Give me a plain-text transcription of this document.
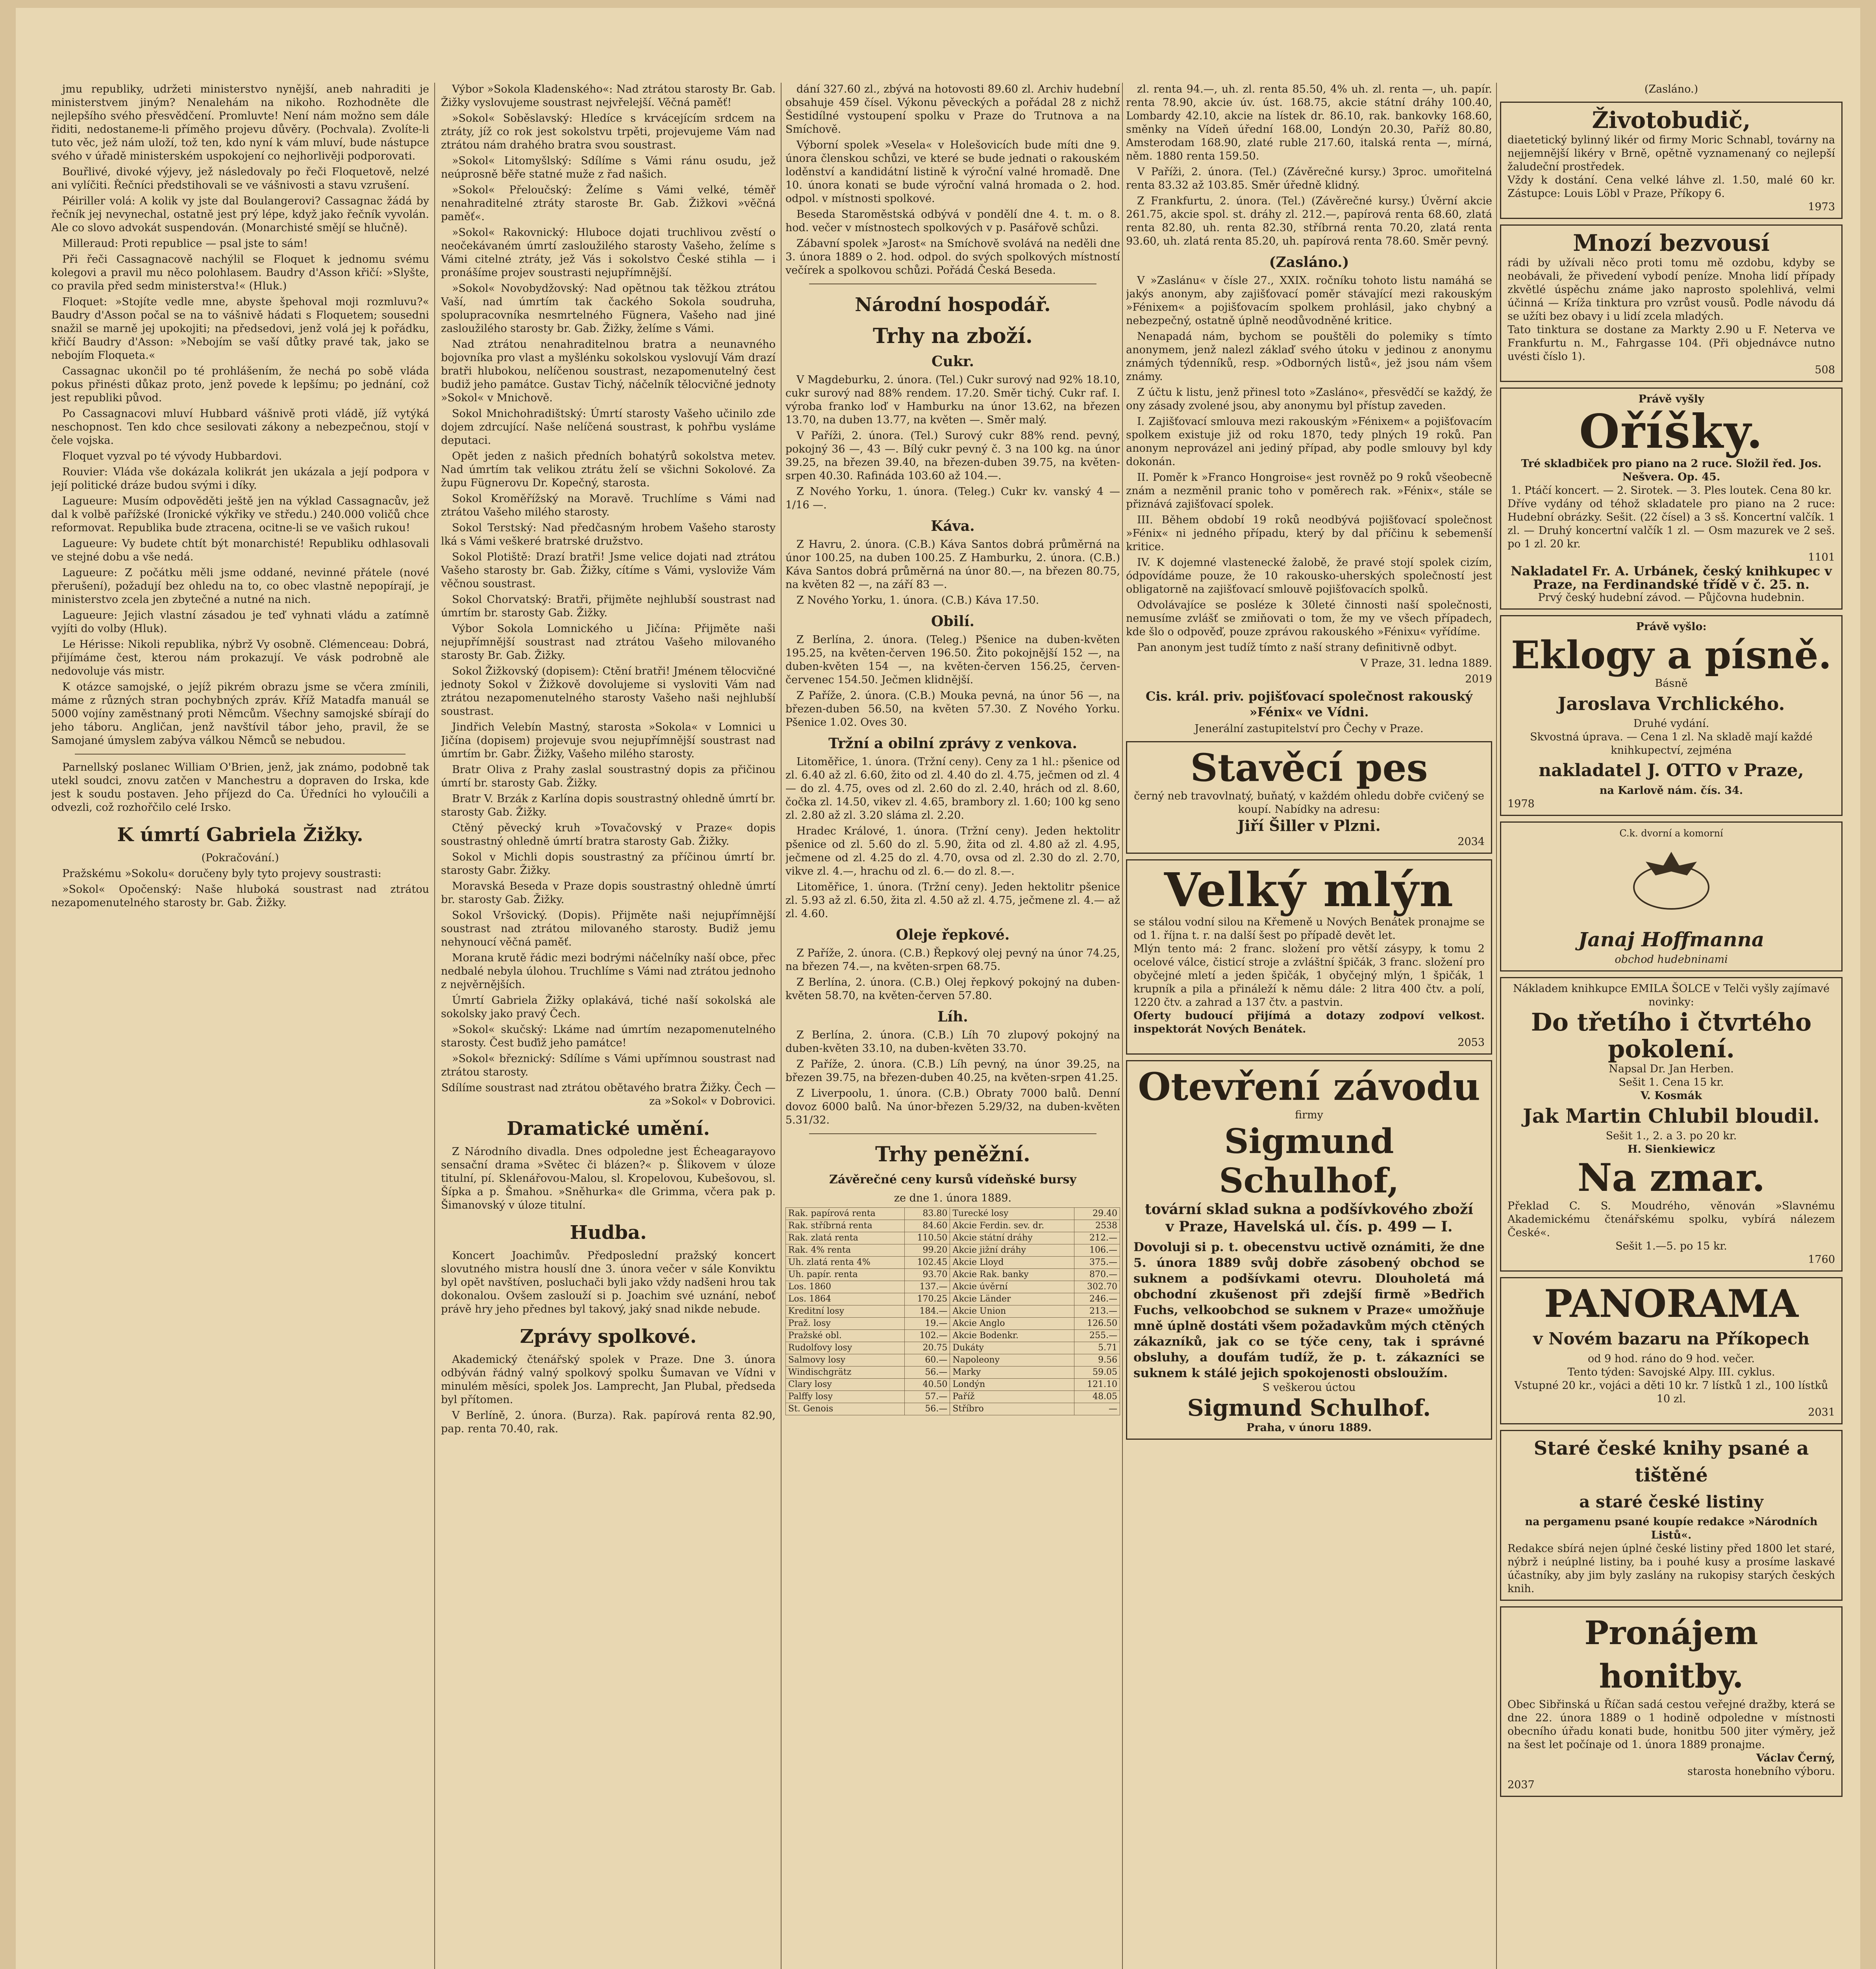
jmu republiky, udržeti ministerstvo nynější, aneb nahraditi je ministerstvem jiným? Nenalehám na nikoho. Rozhodněte dle nejlepšího svého přesvědčení. Promluvte! Není nám možno sem dále řiditi, nedostaneme-li příměho projevu důvěry. (Pochvala). Zvolíte-li tuto věc, jež nám uloží, tož ten, kdo nyní k vám mluví, bude nástupce svého v úřadě ministerském uspokojení co nejhorlivěji podporovati.

Bouřlivé, divoké výjevy, jež následovaly po řeči Floquetově, nelzé ani vylíčiti. Řečníci předstihovali se ve vášnivosti a stavu vzrušení.

Péiriller volá: A kolik vy jste dal Boulangerovi? Cassagnac žádá by řečník jej nevynechal, ostatně jest prý lépe, když jako řečník vyvolán. Ale co slovo advokát suspendován. (Monarchisté smějí se hlučně).

Milleraud: Proti republice — psal jste to sám!

Při řeči Cassagnacově nachýlil se Floquet k jednomu svému kolegovi a pravil mu něco polohlasem. Baudry d'Asson křičí: »Slyšte, co pravila před sedm ministerstva!« (Hluk.)

Floquet: »Stojíte vedle mne, abyste špehoval moji rozmluvu?« Baudry d'Asson počal se na to vášnivě hádati s Floquetem; sousedni snažil se marně jej upokojiti; na předsedovi, jenž volá jej k pořádku, křičí Baudry d'Asson: »Nebojím se vaší důtky pravé tak, jako se nebojím Floqueta.«

Cassagnac ukončil po té prohlášením, že nechá po sobě vláda pokus přinésti důkaz proto, jenž povede k lepšímu; po jednání, což jest republiki původ.

Po Cassagnacovi mluví Hubbard vášnivě proti vládě, jíž vytýká neschopnost. Ten kdo chce sesilovati zákony a nebezpečnou, stojí v čele vojska.

Floquet vyzval po té vývody Hubbardovi.

Rouvier: Vláda vše dokázala kolikrát jen ukázala a její podpora v její politické dráze budou svými i díky.

Lagueure: Musím odpověděti ještě jen na výklad Cassagnacův, jež dal k volbě pařížské (Ironické výkřiky ve středu.) 240.000 voličů chce reformovat. Republika bude ztracena, ocitne-li se ve vašich rukou!

Lagueure: Vy budete chtít být monarchisté! Republiku odhlasovali ve stejné dobu a vše nedá.

Lagueure: Z počátku měli jsme oddané, nevinné přátele (nové přerušení), požadují bez ohledu na to, co obec vlastně nepopírají, je ministerstvo zcela jen zbytečné a nutné na nich.

Lagueure: Jejich vlastní zásadou je teď vyhnati vládu a zatímně vyjíti do volby (Hluk).

Le Hérisse: Nikoli republika, nýbrž Vy osobně. Clémenceau: Dobrá, přijímáme čest, kterou nám prokazují. Ve vásk podrobně ale nedovoluje vás mistr.

K otázce samojské, o jejíž pikrém obrazu jsme se včera zmínili, máme z různých stran pochybných zpráv. Kříž Matadfa manuál se 5000 vojíny zaměstnaný proti Němcům. Všechny samojské sbírají do jeho táboru. Angličan, jenž navštívil tábor jeho, pravil, že se Samojané úmyslem zabýva válkou Němců se nebudou.

Parnellský poslanec William O'Brien, jenž, jak známo, podobně tak utekl soudci, znovu zatčen v Manchestru a dopraven do Irska, kde jest k soudu postaven. Jeho příjezd do Ca. Úředníci ho vyloučili a odvezli, což rozhořčilo celé Irsko.

K úmrtí Gabriela Žižky.

(Pokračování.)

Pražskému »Sokolu« doručeny byly tyto projevy soustrasti:

»Sokol« Opočenský: Naše hluboká soustrast nad ztrátou nezapomenutelného starosty br. Gab. Žižky.

Výbor »Sokola Kladenského«: Nad ztrátou starosty Br. Gab. Žižky vyslovujeme soustrast nejvřelejší. Věčná paměť!

»Sokol« Soběslavský: Hledíce s krvácejícím srdcem na ztráty, jíž co rok jest sokolstvu trpěti, projevujeme Vám nad ztrátou nám drahého bratra svou soustrast.

»Sokol« Litomyšlský: Sdílíme s Vámi ránu osudu, jež neúprosně běře statné muže z řad našich.

»Sokol« Přeloučský: Želíme s Vámi velké, téměř nenahraditelné ztráty staroste Br. Gab. Žižkovi »věčná paměť«.

»Sokol« Rakovnický: Hluboce dojati truchlivou zvěstí o neočekávaném úmrtí zasloužilého starosty Vašeho, želíme s Vámi citelné ztráty, jež Vás i sokolstvo České stihla — i pronášíme projev soustrasti nejupřímnější.

»Sokol« Novobydžovský: Nad opětnou tak těžkou ztrátou Vaší, nad úmrtím tak čackého Sokola soudruha, spolupracovníka nesmrtelného Fügnera, Vašeho nad jiné zasloužilého starosty br. Gab. Žižky, želíme s Vámi.

Nad ztrátou nenahraditelnou bratra a neunavného bojovníka pro vlast a myšlénku sokolskou vyslovují Vám drazí bratři hlubokou, nelíčenou soustrast, nezapomenutelný čest budiž jeho památce. Gustav Tichý, náčelník tělocvičné jednoty »Sokol« v Mnichově.

Sokol Mnichohradištský: Úmrtí starosty Vašeho učinilo zde dojem zdrcující. Naše nelíčená soustrast, k pohřbu vysláme deputaci.

Opět jeden z našich předních bohatýrů sokolstva metev. Nad úmrtím tak velikou ztrátu želí se všichni Sokolové. Za župu Fügnerovu Dr. Kopečný, starosta.

Sokol Kroměřížský na Moravě. Truchlíme s Vámi nad ztrátou Vašeho milého starosty.

Sokol Terstský: Nad předčasným hrobem Vašeho starosty lká s Vámi veškeré bratrské družstvo.

Sokol Plotiště: Drazí bratři! Jsme velice dojati nad ztrátou Vašeho starosty br. Gab. Žižky, cítíme s Vámi, vysloviže Vám věčnou soustrast.

Sokol Chorvatský: Bratři, přijměte nejhlubší soustrast nad úmrtím br. starosty Gab. Žižky.

Výbor Sokola Lomnického u Jičína: Přijměte naši nejupřímnější soustrast nad ztrátou Vašeho milovaného starosty Br. Gab. Žižky.

Sokol Žižkovský (dopisem): Ctění bratři! Jménem tělocvičné jednoty Sokol v Žižkově dovolujeme si vysloviti Vám nad ztrátou nezapomenutelného starosty Vašeho naši nejhlubší soustrast.

Jindřich Velebín Mastný, starosta »Sokola« v Lomnici u Jičína (dopisem) projevuje svou nejupřímnější soustrast nad úmrtím br. Gabr. Žižky, Vašeho milého starosty.

Bratr Oliva z Prahy zaslal soustrastný dopis za přičinou úmrtí br. starosty Gab. Žižky.

Bratr V. Brzák z Karlína dopis soustrastný ohledně úmrtí br. starosty Gab. Žižky.

Ctěný pěvecký kruh »Tovačovský v Praze« dopis soustrastný ohledně úmrtí bratra starosty Gab. Žižky.

Sokol v Michli dopis soustrastný za příčinou úmrtí br. starosty Gabr. Žižky.

Moravská Beseda v Praze dopis soustrastný ohledně úmrtí br. starosty Gab. Žižky.

Sokol Vršovický. (Dopis). Přijměte naši nejupřímnější soustrast nad ztrátou milovaného starosty. Budiž jemu nehynoucí věčná paměť.

Morana krutě řádic mezi bodrými náčelníky naší obce, přec nedbalé nebyla úlohou. Truchlíme s Vámi nad ztrátou jednoho z nejvěrnějších.

Úmrtí Gabriela Žižky oplakává, tiché naší sokolská ale sokolsky jako pravý Čech.

»Sokol« skučský: Lkáme nad úmrtím nezapomenutelného starosty. Čest buďiž jeho památce!

»Sokol« březnický: Sdílíme s Vámi upřímnou soustrast nad ztrátou starosty.

Sdílíme soustrast nad ztrátou obětavého bratra Žižky. Čech — za »Sokol« v Dobrovici.

Dramatické umění.

Z Národního divadla. Dnes odpoledne jest Écheagarayovo sensační drama »Světec či blázen?« p. Šlikovem v úloze titulní, pí. Sklenářovou-Malou, sl. Kropelovou, Kubešovou, sl. Šípka a p. Šmahou. »Sněhurka« dle Grimma, včera pak p. Šimanovský v úloze titulní.

Hudba.

Koncert Joachimův. Předposlední pražský koncert slovutného mistra houslí dne 3. února večer v sále Konviktu byl opět navštíven, posluchači byli jako vždy nadšeni hrou tak dokonalou. Ovšem zaslouží si p. Joachim své uznání, neboť právě hry jeho přednes byl takový, jaký snad nikde nebude.

Zprávy spolkové.

Akademický čtenářský spolek v Praze. Dne 3. února odbýván řádný valný spolkový spolku Šumavan ve Vídni v minulém měsíci, spolek Jos. Lamprecht, Jan Plubal, předseda byl přítomen.

V Berlíně, 2. února. (Burza). Rak. papírová renta 82.90, pap. renta 70.40, rak.

dání 327.60 zl., zbývá na hotovosti 89.60 zl. Archiv hudební obsahuje 459 čísel. Výkonu pěveckých a pořádal 28 z nichž Šestidílné vystoupení spolku v Praze do Trutnova a na Smíchově.

Výborní spolek »Vesela« v Holešovicích bude míti dne 9. února členskou schůzi, ve které se bude jednati o rakouském loděnství a kandidátní listině k výroční valné hromadě. Dne 10. února konati se bude výroční valná hromada o 2. hod. odpol. v místnosti spolkové.

Beseda Staroměstská odbývá v pondělí dne 4. t. m. o 8. hod. večer v místnostech spolkových v p. Pasářově schůzi.

Zábavní spolek »Jarost« na Smíchově svolává na neděli dne 3. února 1889 o 2. hod. odpol. do svých spolkových místností večírek a spolkovou schůzi. Pořádá Česká Beseda.

Národní hospodář.

Trhy na zboží.

Cukr.

V Magdeburku, 2. února. (Tel.) Cukr surový nad 92% 18.10, cukr surový nad 88% rendem. 17.20. Směr tichý. Cukr raf. I. výroba franko loď v Hamburku na únor 13.62, na březen 13.70, na duben 13.77, na květen —. Směr malý.

V Paříži, 2. února. (Tel.) Surový cukr 88% rend. pevný, pokojný 36 —, 43 —. Bílý cukr pevný č. 3 na 100 kg. na únor 39.25, na březen 39.40, na březen-duben 39.75, na květen-srpen 40.30. Rafináda 103.60 až 104.—.

Z Nového Yorku, 1. února. (Teleg.) Cukr kv. vanský 4 — 1/16 —.

Káva.

Z Havru, 2. února. (C.B.) Káva Santos dobrá průměrná na únor 100.25, na duben 100.25. Z Hamburku, 2. února. (C.B.) Káva Santos dobrá průměrná na únor 80.—, na březen 80.75, na květen 82 —, na září 83 —.

Z Nového Yorku, 1. února. (C.B.) Káva 17.50.

Obilí.

Z Berlína, 2. února. (Teleg.) Pšenice na duben-květen 195.25, na květen-červen 196.50. Žito pokojnější 152 —, na duben-květen 154 —, na květen-červen 156.25, červen-červenec 154.50. Ječmen klidnější.

Z Paříže, 2. února. (C.B.) Mouka pevná, na únor 56 —, na březen-duben 56.50, na květen 57.30. Z Nového Yorku. Pšenice 1.02. Oves 30.

Tržní a obilní zprávy z venkova.

Litoměřice, 1. února. (Tržní ceny). Ceny za 1 hl.: pšenice od zl. 6.40 až zl. 6.60, žito od zl. 4.40 do zl. 4.75, ječmen od zl. 4 — do zl. 4.75, oves od zl. 2.60 do zl. 2.40, hrách od zl. 8.60, čočka zl. 14.50, vikev zl. 4.65, brambory zl. 1.60; 100 kg seno zl. 2.80 až zl. 3.20 sláma zl. 2.20.

Hradec Králové, 1. února. (Tržní ceny). Jeden hektolitr pšenice od zl. 5.60 do zl. 5.90, žita od zl. 4.80 až zl. 4.95, ječmene od zl. 4.25 do zl. 4.70, ovsa od zl. 2.30 do zl. 2.70, vikve zl. 4.—, hrachu od zl. 6.— do zl. 8.—.

Litoměřice, 1. února. (Tržní ceny). Jeden hektolitr pšenice zl. 5.93 až zl. 6.50, žita zl. 4.50 až zl. 4.75, ječmene zl. 4.— až zl. 4.60.

Oleje řepkové.

Z Paříže, 2. února. (C.B.) Řepkový olej pevný na únor 74.25, na březen 74.—, na květen-srpen 68.75.

Z Berlína, 2. února. (C.B.) Olej řepkový pokojný na duben-květen 58.70, na květen-červen 57.80.

Líh.

Z Berlína, 2. února. (C.B.) Líh 70 zlupový pokojný na duben-květen 33.10, na duben-květen 33.70.

Z Paříže, 2. února. (C.B.) Líh pevný, na únor 39.25, na březen 39.75, na březen-duben 40.25, na květen-srpen 41.25.

Z Liverpoolu, 1. února. (C.B.) Obraty 7000 balů. Denní dovoz 6000 balů. Na únor-březen 5.29/32, na duben-květen 5.31/32.

Trhy peněžní.

Závěrečné ceny kursů vídeňské bursy

ze dne 1. února 1889.

Rak. papírová renta	83.80	Turecké losy	29.40
Rak. stříbrná renta	84.60	Akcie Ferdin. sev. dr.	2538
Rak. zlatá renta	110.50	Akcie státní dráhy	212.—
Rak. 4% renta	99.20	Akcie jižní dráhy	106.—
Uh. zlatá renta 4%	102.45	Akcie Lloyd	375.—
Uh. papír. renta	93.70	Akcie Rak. banky	870.—
Los. 1860	137.—	Akcie úvěrní	302.70
Los. 1864	170.25	Akcie Länder	246.—
Kreditní losy	184.—	Akcie Union	213.—
Praž. losy	19.—	Akcie Anglo	126.50
Pražské obl.	102.—	Akcie Bodenkr.	255.—
Rudolfovy losy	20.75	Dukáty	5.71
Salmovy losy	60.—	Napoleony	9.56
Windischgrätz	56.—	Marky	59.05
Clary losy	40.50	Londýn	121.10
Palffy losy	57.—	Paříž	48.05
St. Genois	56.—	Stříbro	—

zl. renta 94.—, uh. zl. renta 85.50, 4% uh. zl. renta —, uh. papír. renta 78.90, akcie úv. úst. 168.75, akcie státní dráhy 100.40, Lombardy 42.10, akcie na lístek dr. 86.10, rak. bankovky 168.60, směnky na Vídeň úřední 168.00, Londýn 20.30, Paříž 80.80, Amsterodam 168.90, zlaté ruble 217.60, italská renta —, mírná, něm. 1880 renta 159.50.

V Paříži, 2. února. (Tel.) (Závěrečné kursy.) 3proc. umořitelná renta 83.32 až 103.85. Směr úředně klidný.

Z Frankfurtu, 2. února. (Tel.) (Závěrečné kursy.) Úvěrní akcie 261.75, akcie spol. st. dráhy zl. 212.—, papírová renta 68.60, zlatá renta 82.80, uh. renta 82.30, stříbrná renta 70.20, zlatá renta 93.60, uh. zlatá renta 85.20, uh. papírová renta 78.60. Směr pevný.

(Zasláno.)

V »Zaslánu« v čísle 27., XXIX. ročníku tohoto listu namáhá se jakýs anonym, aby zajišťovací poměr stávající mezi rakouským »Fénixem« a pojišťovacím spolkem prohlásil, jako chybný a nebezpečný, ostatně úplně neodůvodněné kritice.

Nenapadá nám, bychom se pouštěli do polemiky s tímto anonymem, jenž nalezl záklaď svého útoku v jedinou z anonymu známých týdenníků, resp. »Odborných listů«, jež jsou nám všem známy.

Z účtu k listu, jenž přinesl toto »Zasláno«, přesvědčí se každý, že ony zásady zvolené jsou, aby anonymu byl přístup zaveden.

I. Zajišťovací smlouva mezi rakouským »Fénixem« a pojišťovacím spolkem existuje již od roku 1870, tedy plných 19 roků. Pan anonym neprovázel ani jediný případ, aby podle smlouvy byl kdy dokonán.

II. Poměr k »Franco Hongroise« jest rovněž po 9 roků všeobecně znám a nezměnil pranic toho v poměrech rak. »Fénix«, stále se přiznává zajišťovací spolek.

III. Během období 19 roků neodbývá pojišťovací společnost »Fénix« ni jedného případu, který by dal příčinu k sebemenší kritice.

IV. K dojemné vlastenecké žalobě, že pravé stojí spolek cizím, ódpovídáme pouze, že 10 rakousko-uherských společností jest obligatorně na zajišťovací smlouvě pojišťovacích spolků.

Odvolávajíce se posléze k 30leté činnosti naší společnosti, nemusíme zvlášť se zmiňovati o tom, že my ve všech případech, kde šlo o odpověď, pouze zprávou rakouského »Fénixu« vyřídíme.

Pan anonym jest tudíž tímto z naší strany definitivně odbyt.

V Praze, 31. ledna 1889.

2019

Cis. král. priv. pojišťovací společnost rakouský »Fénix« ve Vídni.

Jenerální zastupitelství pro Čechy v Praze.

Stavěcí pes
černý neb travovlnatý, buňatý, v každém ohledu dobře cvičený se koupí. Nabídky na adresu:
Jiří Šiller v Plzni.
2034
Velký mlýn
se stálou vodní silou na Křemeně u Nových Benátek pronajme se od 1. října t. r. na další šest po případě devět let.
Mlýn tento má: 2 franc. složení pro větší zásypy, k tomu 2 ocelové válce, čisticí stroje a zvláštní špičák, 3 franc. složení pro obyčejné mletí a jeden špičák, 1 obyčejný mlýn, 1 špičák, 1 krupník a pila a přináleží k němu dále: 2 litra 400 čtv. a polí, 1220 čtv. a zahrad a 137 čtv. a pastvin.
Oferty budoucí přijímá a dotazy zodpoví velkost. inspektorát Nových Benátek.
2053
Otevření závodu
firmy
Sigmund Schulhof,
tovární sklad sukna a podšívkového zboží
v Praze, Havelská ul. čís. p. 499 — I.
Dovoluji si p. t. obecenstvu uctivě oznámiti, že dne 5. února 1889 svůj dobře zásobený obchod se suknem a podšívkami otevru. Dlouholetá má obchodní zkušenost při zdejší firmě »Bedřich Fuchs, velkoobchod se suknem v Praze« umožňuje mně úplně dostáti všem požadavkům mých ctěných zákazníků, jak co se týče ceny, tak i správné obsluhy, a doufám tudíž, že p. t. zákazníci se suknem k stálé jejich spokojenosti obsloužím.
S veškerou úctou
Sigmund Schulhof.
Praha, v únoru 1889.

(Zasláno.)

Životobudič,
diaetetický bylinný likér od firmy Moric Schnabl, továrny na nejjemnější likéry v Brně, opětně vyznamenaný co nejlepší žaludeční prostředek.
Vždy k dostání. Cena velké láhve zl. 1.50, malé 60 kr. Zástupce: Louis Löbl v Praze, Příkopy 6.
1973
Mnozí bezvousí
rádi by užívali něco proti tomu mě ozdobu, kdyby se neobávali, že přivedení vybodí peníze. Mnoha lidí případy zkvětlé úspěchu známe jako naprosto spolehlivá, velmi účinná — Kríža tinktura pro vzrůst vousů. Podle návodu dá se užíti bez obavy i u lidí zcela mladých.
Tato tinktura se dostane za Markty 2.90 u F. Neterva ve Frankfurtu n. M., Fahrgasse 104. (Při objednávce nutno uvésti číslo 1).
508
Právě vyšly
Oříšky.
Tré skladbiček pro piano na 2 ruce. Složil řed. Jos. Nešvera. Op. 45.
1. Ptáčí koncert. — 2. Sirotek. — 3. Ples loutek. Cena 80 kr.
Dříve vydány od téhož skladatele pro piano na 2 ruce: Hudební obrázky. Sešit. (22 čísel) a 3 sš. Koncertní valčík. 1 zl. — Druhý koncertní valčík 1 zl. — Osm mazurek ve 2 seš. po 1 zl. 20 kr.
1101
Nakladatel Fr. A. Urbánek, český knihkupec v Praze, na Ferdinandské třídě v č. 25. n.
Prvý český hudební závod. — Půjčovna hudebnin.
Právě vyšlo:
Eklogy a písně.
Básně
Jaroslava Vrchlického.
Druhé vydání.
Skvostná úprava. — Cena 1 zl. Na skladě mají každé knihkupectví, zejména
nakladatel J. OTTO v Praze,
na Karlově nám. čís. 34.
1978
C.k. dvorní a komorní
Janaj Hoffmanna
obchod hudebninami
Nákladem knihkupce EMILA ŠOLCE v Telči vyšly zajímavé novinky:
Do třetího i čtvrtého pokolení.
Napsal Dr. Jan Herben.
Sešit 1. Cena 15 kr.
V. Kosmák
Jak Martin Chlubil bloudil.
Sešit 1., 2. a 3. po 20 kr.
H. Sienkiewicz
Na zmar.
Překlad C. S. Moudrého, věnován »Slavnému Akademickému čtenářskému spolku, vybírá nálezem České«.
Sešit 1.—5. po 15 kr.
1760
PANORAMA
v Novém bazaru na Příkopech
od 9 hod. ráno do 9 hod. večer.
Tento týden: Savojské Alpy. III. cyklus.
Vstupné 20 kr., vojáci a děti 10 kr. 7 lístků 1 zl., 100 lístků 10 zl.
2031
Staré české knihy psané a tištěné
a staré české listiny
na pergamenu psané koupíe redakce »Národních Listů«.
Redakce sbírá nejen úplné české listiny před 1800 let staré, nýbrž i neúplné listiny, ba i pouhé kusy a prosíme laskavé účastníky, aby jim byly zaslány na rukopisy starých českých knih.
Pronájem honitby.
Obec Sibřinská u Říčan sadá cestou veřejné dražby, která se dne 22. února 1889 o 1 hodině odpoledne v místnosti obecního úřadu konati bude, honitbu 500 jiter výměry, jež na šest let počínaje od 1. února 1889 pronajme.
Václav Černý,
starosta honebního výboru.
2037
